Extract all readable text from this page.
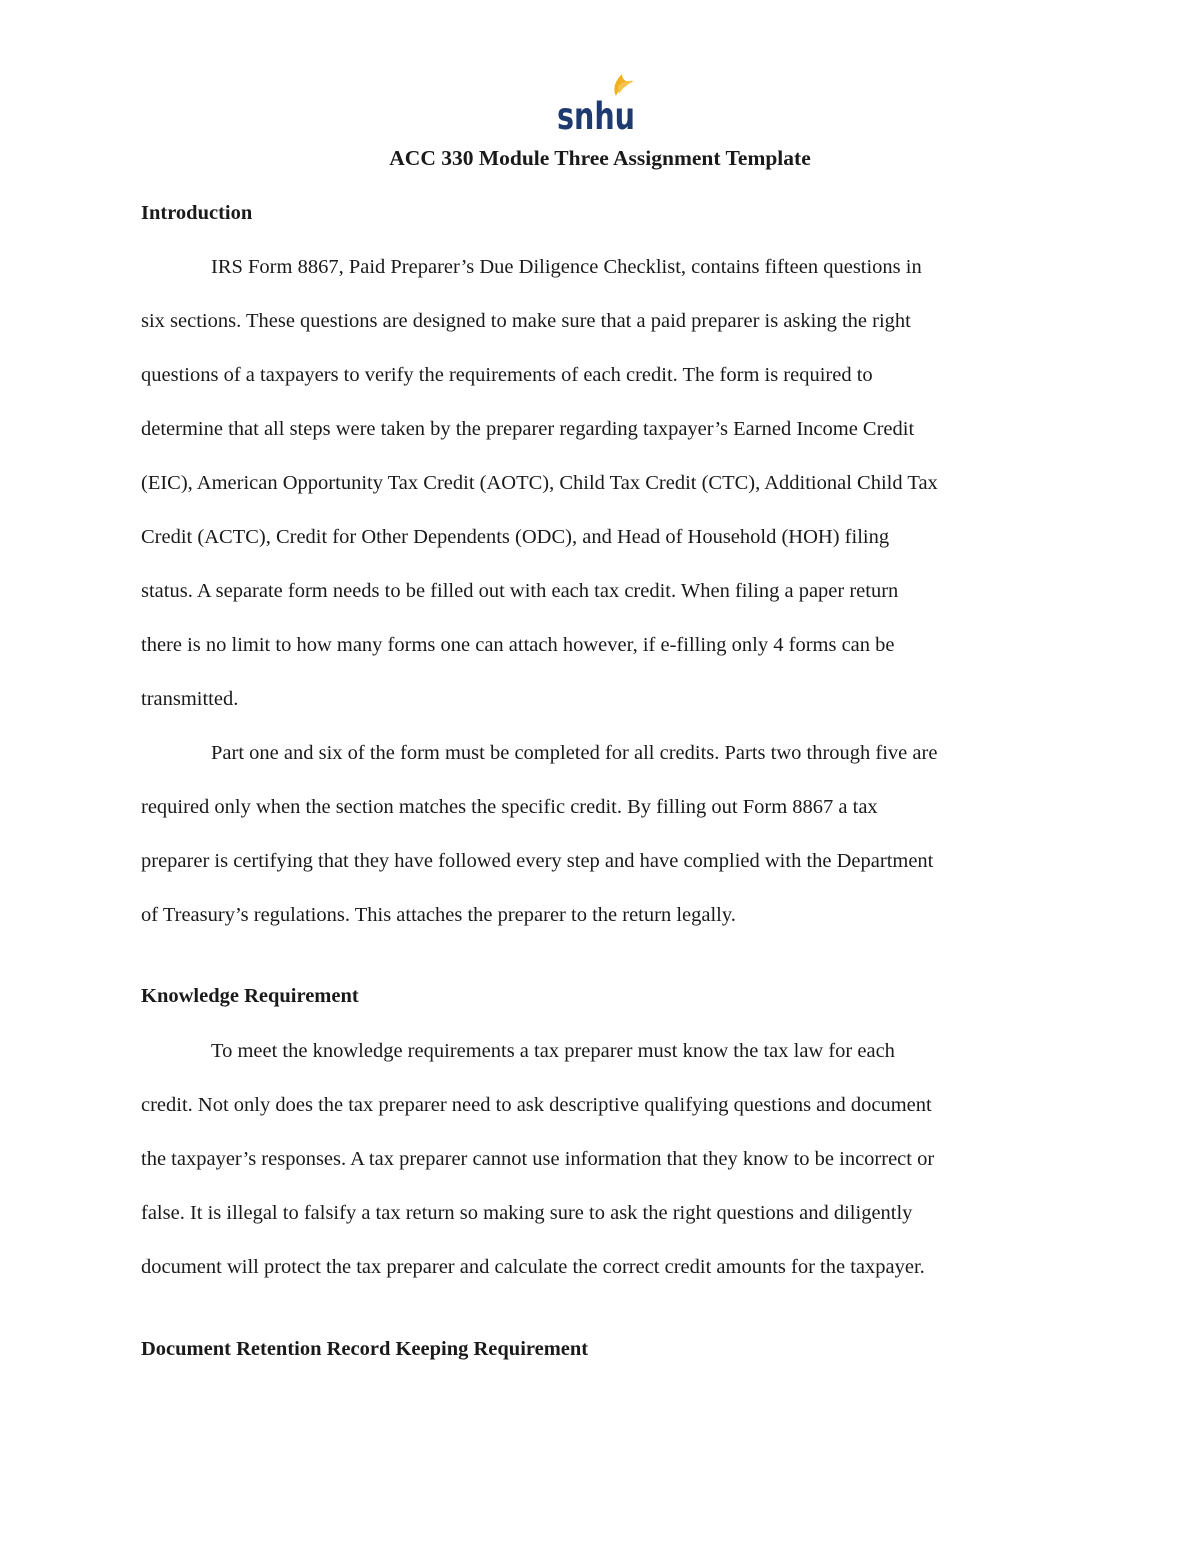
snhu
ACC 330 Module Three Assignment Template
Introduction
IRS Form 8867, Paid Preparer’s Due Diligence Checklist, contains fifteen questions in
six sections. These questions are designed to make sure that a paid preparer is asking the right
questions of a taxpayers to verify the requirements of each credit. The form is required to
determine that all steps were taken by the preparer regarding taxpayer’s Earned Income Credit
(EIC), American Opportunity Tax Credit (AOTC), Child Tax Credit (CTC), Additional Child Tax
Credit (ACTC), Credit for Other Dependents (ODC), and Head of Household (HOH) filing
status. A separate form needs to be filled out with each tax credit. When filing a paper return
there is no limit to how many forms one can attach however, if e-filling only 4 forms can be
transmitted.
Part one and six of the form must be completed for all credits. Parts two through five are
required only when the section matches the specific credit. By filling out Form 8867 a tax
preparer is certifying that they have followed every step and have complied with the Department
of Treasury’s regulations. This attaches the preparer to the return legally.
Knowledge Requirement
To meet the knowledge requirements a tax preparer must know the tax law for each
credit. Not only does the tax preparer need to ask descriptive qualifying questions and document
the taxpayer’s responses. A tax preparer cannot use information that they know to be incorrect or
false. It is illegal to falsify a tax return so making sure to ask the right questions and diligently
document will protect the tax preparer and calculate the correct credit amounts for the taxpayer.
Document Retention Record Keeping Requirement
